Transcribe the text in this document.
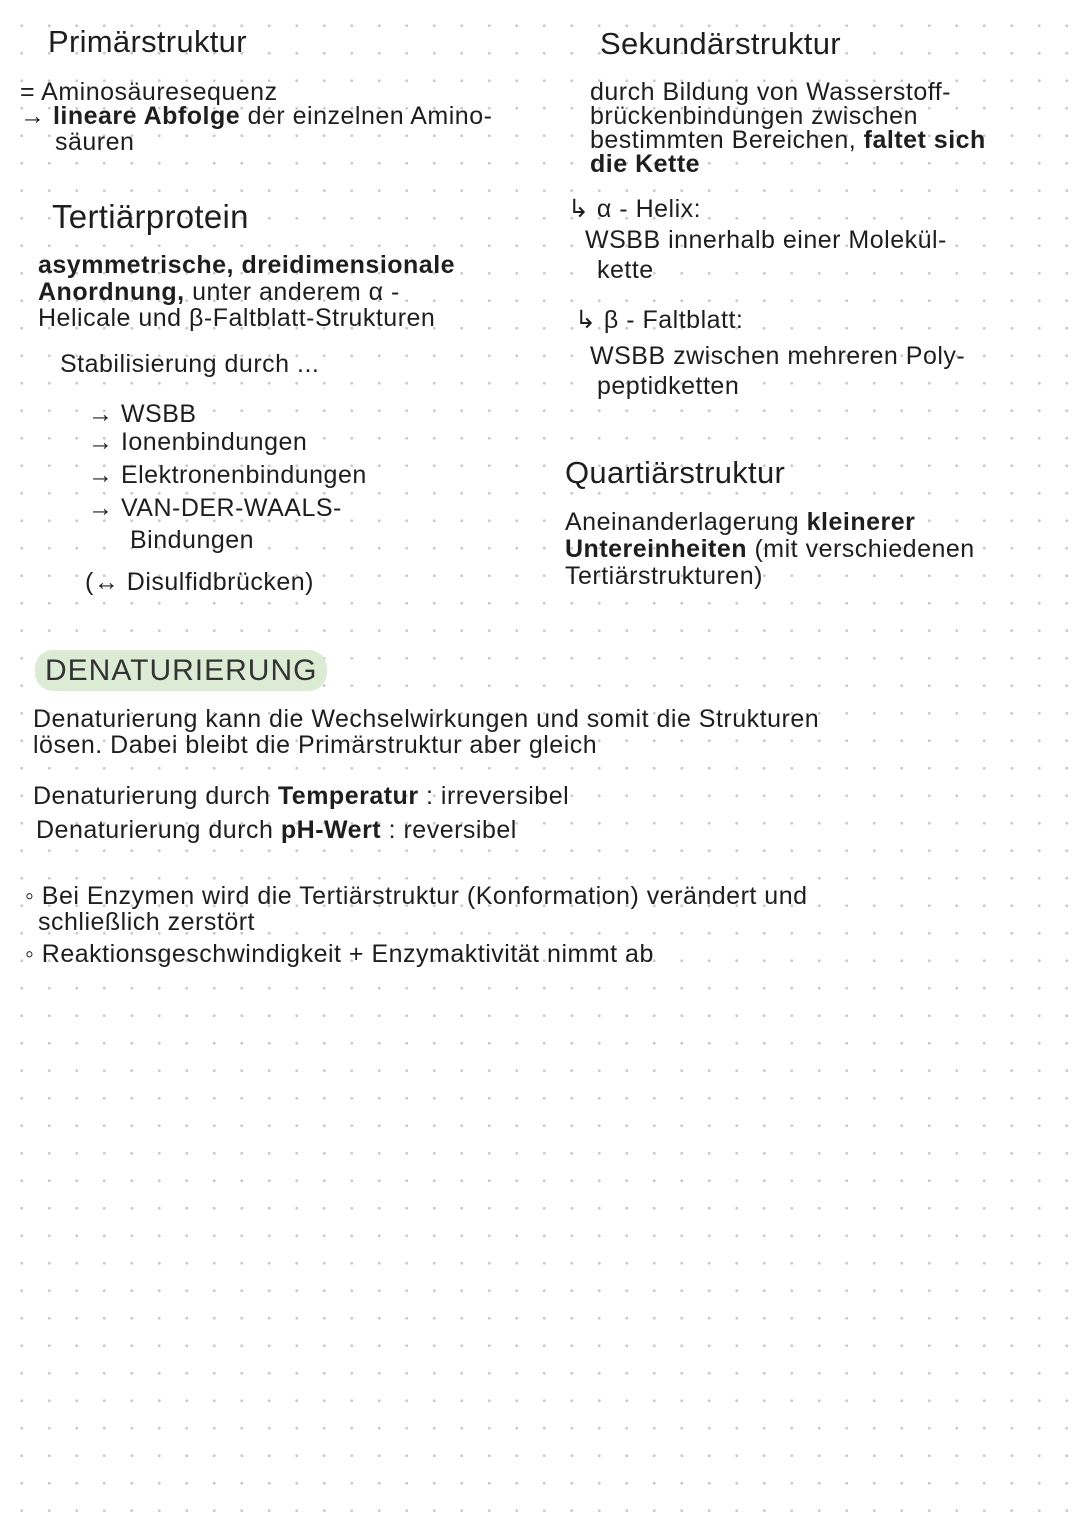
Primärstruktur
= Aminosäuresequenz
→ lineare Abfolge der einzelnen Amino-
säuren
Sekundärstruktur
durch Bildung von Wasserstoff-
brückenbindungen zwischen
bestimmten Bereichen, faltet sich
die Kette
↳ α - Helix:
WSBB innerhalb einer Molekül-
kette
↳ β - Faltblatt:
WSBB zwischen mehreren Poly-
peptidketten
Tertiärprotein
asymmetrische, dreidimensionale
Anordnung, unter anderem α -
Helicale und β-Faltblatt-Strukturen
Stabilisierung durch ...
→ WSBB
→ Ionenbindungen
→ Elektronenbindungen
→ VAN-DER-WAALS-
Bindungen
(↔ Disulfidbrücken)
Quartiärstruktur
Aneinanderlagerung kleinerer
Untereinheiten (mit verschiedenen
Tertiärstrukturen)
DENATURIERUNG
Denaturierung kann die Wechselwirkungen und somit die Strukturen
lösen. Dabei bleibt die Primärstruktur aber gleich
Denaturierung durch Temperatur : irreversibel
Denaturierung durch pH-Wert : reversibel
◦ Bei Enzymen wird die Tertiärstruktur (Konformation) verändert und
schließlich zerstört
◦ Reaktionsgeschwindigkeit + Enzymaktivität nimmt ab
